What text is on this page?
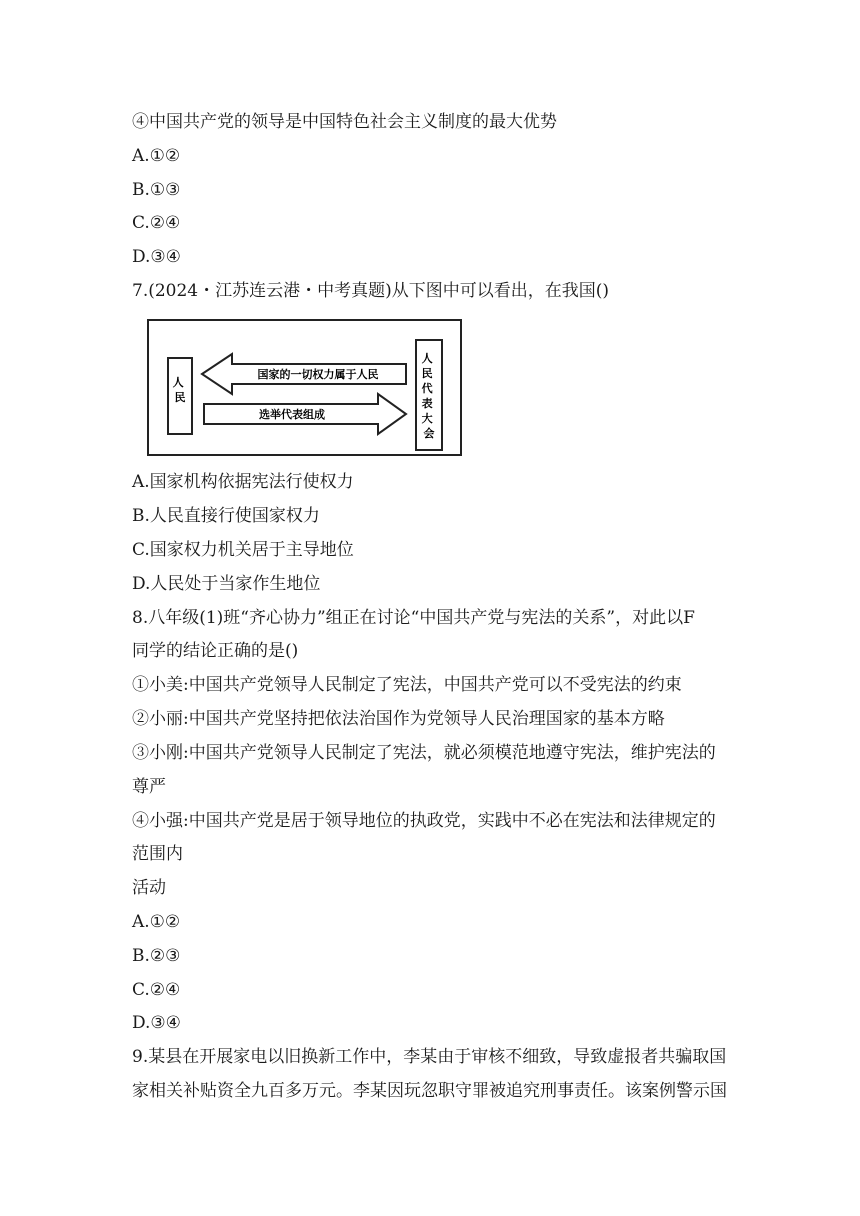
④中国共产党的领导是中国特色社会主义制度的最大优势
A.①②
B.①③
C.②④
D.③④
7.(2024・江苏连云港・中考真题)从下图中可以看出，在我国()
人 民
人 民 代 表 大 会
国家的一切权力属于人民
选举代表组成
A.国家机构依据宪法行使权力
B.人民直接行使国家权力
C.国家权力机关居于主导地位
D.人民处于当家作生地位
8.八年级(1)班“齐心协力”组正在讨论“中国共产党与宪法的关系”，对此以F
同学的结论正确的是()
①小美:中国共产党领导人民制定了宪法，中国共产党可以不受宪法的约束
②小丽:中国共产党坚持把依法治国作为党领导人民治理国家的基本方略
③小刚:中国共产党领导人民制定了宪法，就必须模范地遵守宪法，维护宪法的
尊严
④小强:中国共产党是居于领导地位的执政党，实践中不必在宪法和法律规定的
范围内
活动
A.①②
B.②③
C.②④
D.③④
9.某县在开展家电以旧换新工作中，李某由于审核不细致，导致虚报者共骗取国
家相关补贴资全九百多万元。李某因玩忽职守罪被追究刑事责任。该案例警示国
